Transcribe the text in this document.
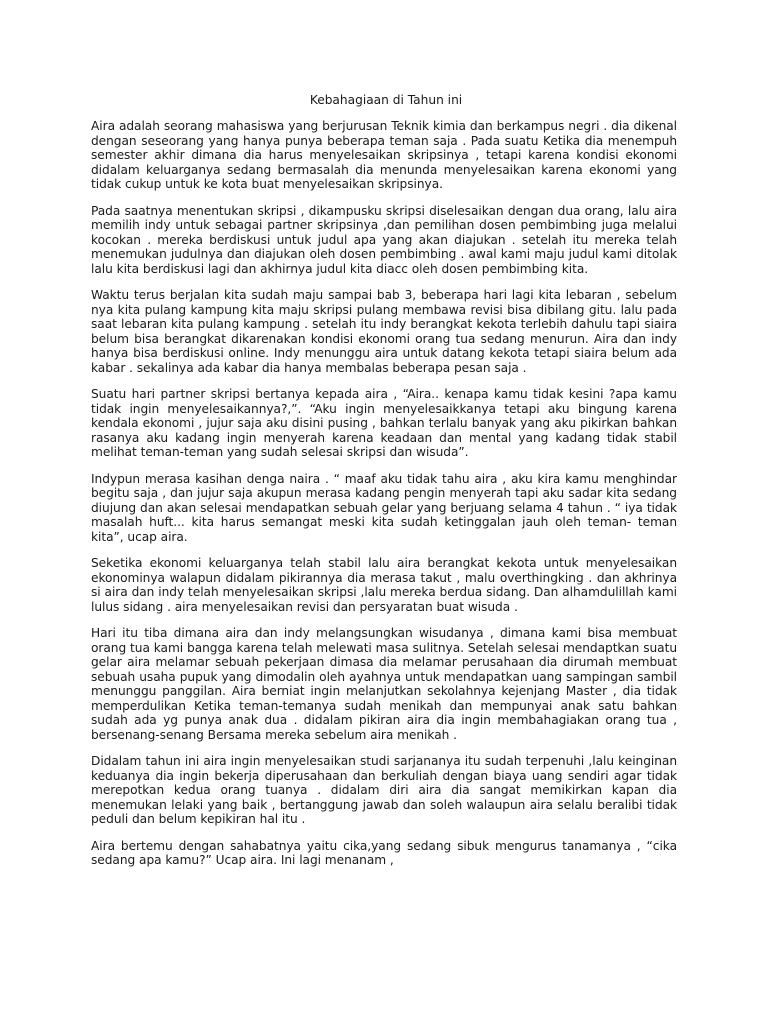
Kebahagiaan di Tahun ini

Aira adalah seorang mahasiswa yang berjurusan Teknik kimia dan berkampus negri . dia dikenal dengan seseorang yang hanya punya beberapa teman saja . Pada suatu Ketika dia menempuh semester akhir dimana dia harus menyelesaikan skripsinya , tetapi karena kondisi ekonomi didalam keluarganya sedang bermasalah dia menunda menyelesaikan karena ekonomi yang tidak cukup untuk ke kota buat menyelesaikan skripsinya.

Pada saatnya menentukan skripsi , dikampusku skripsi diselesaikan dengan dua orang, lalu aira memilih indy untuk sebagai partner skripsinya ,dan pemilihan dosen pembimbing juga melalui kocokan . mereka berdiskusi untuk judul apa yang akan diajukan . setelah itu mereka telah menemukan judulnya dan diajukan oleh dosen pembimbing . awal kami maju judul kami ditolak lalu kita berdiskusi lagi dan akhirnya judul kita diacc oleh dosen pembimbing kita.

Waktu terus berjalan kita sudah maju sampai bab 3, beberapa hari lagi kita lebaran , sebelum nya kita pulang kampung kita maju skripsi pulang membawa revisi bisa dibilang gitu. lalu pada saat lebaran kita pulang kampung . setelah itu indy berangkat kekota terlebih dahulu tapi siaira belum bisa berangkat dikarenakan kondisi ekonomi orang tua sedang menurun. Aira dan indy hanya bisa berdiskusi online. Indy menunggu aira untuk datang kekota tetapi siaira belum ada kabar . sekalinya ada kabar dia hanya membalas beberapa pesan saja .

Suatu hari partner skripsi bertanya kepada aira , “Aira.. kenapa kamu tidak kesini ?apa kamu tidak ingin menyelesaikannya?,”. “Aku ingin menyelesaikkanya tetapi aku bingung karena kendala ekonomi , jujur saja aku disini pusing , bahkan terlalu banyak yang aku pikirkan bahkan rasanya aku kadang ingin menyerah karena keadaan dan mental yang kadang tidak stabil melihat teman-teman yang sudah selesai skripsi dan wisuda”.

Indypun merasa kasihan denga naira . “ maaf aku tidak tahu aira , aku kira kamu menghindar begitu saja , dan jujur saja akupun merasa kadang pengin menyerah tapi aku sadar kita sedang diujung dan akan selesai mendapatkan sebuah gelar yang berjuang selama 4 tahun . “ iya tidak masalah huft... kita harus semangat meski kita sudah ketinggalan jauh oleh teman- teman kita”, ucap aira.

Seketika ekonomi keluarganya telah stabil lalu aira berangkat kekota untuk menyelesaikan ekonominya walapun didalam pikirannya dia merasa takut , malu overthingking . dan akhrinya si aira dan indy telah menyelesaikan skripsi ,lalu mereka berdua sidang. Dan alhamdulillah kami lulus sidang . aira menyelesaikan revisi dan persyaratan buat wisuda .

Hari itu tiba dimana aira dan indy melangsungkan wisudanya , dimana kami bisa membuat orang tua kami bangga karena telah melewati masa sulitnya. Setelah selesai mendaptkan suatu gelar aira melamar sebuah pekerjaan dimasa dia melamar perusahaan dia dirumah membuat sebuah usaha pupuk yang dimodalin oleh ayahnya untuk mendapatkan uang sampingan sambil menunggu panggilan. Aira berniat ingin melanjutkan sekolahnya kejenjang Master , dia tidak memperdulikan Ketika teman-temanya sudah menikah dan mempunyai anak satu bahkan sudah ada yg punya anak dua . didalam pikiran aira dia ingin membahagiakan orang tua , bersenang-senang Bersama mereka sebelum aira menikah .

Didalam tahun ini aira ingin menyelesaikan studi sarjananya itu sudah terpenuhi ,lalu keinginan keduanya dia ingin bekerja diperusahaan dan berkuliah dengan biaya uang sendiri agar tidak merepotkan kedua orang tuanya . didalam diri aira dia sangat memikirkan kapan dia menemukan lelaki yang baik , bertanggung jawab dan soleh walaupun aira selalu beralibi tidak peduli dan belum kepikiran hal itu .

Aira bertemu dengan sahabatnya yaitu cika,yang sedang sibuk mengurus tanamanya , “cika sedang apa kamu?” Ucap aira. Ini lagi menanam ,
